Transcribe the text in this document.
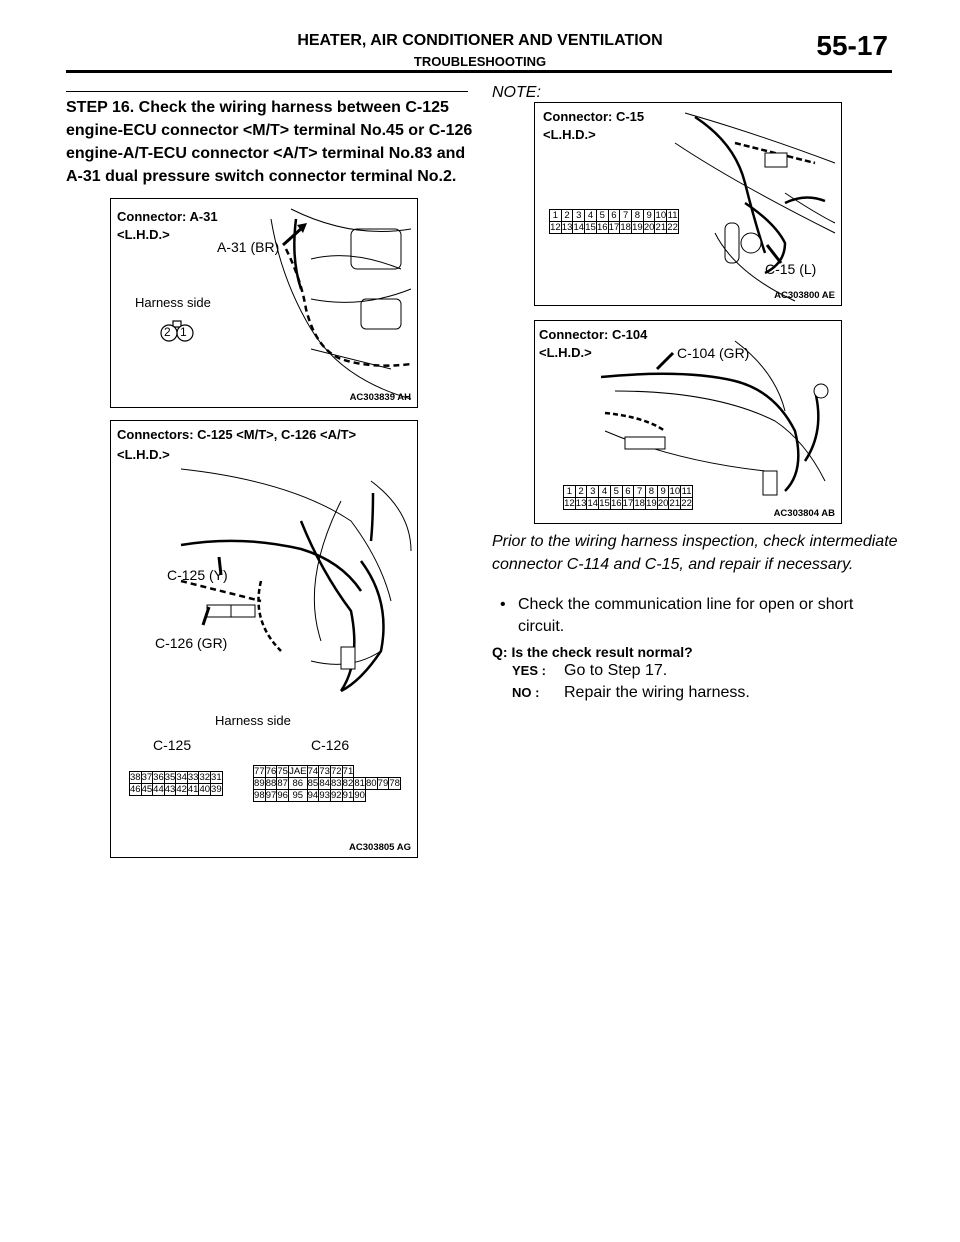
HEATER, AIR CONDITIONER AND VENTILATION
TROUBLESHOOTING
55-17
STEP 16. Check the wiring harness between C-125 engine-ECU connector <M/T> terminal No.45 or C-126 engine-A/T-ECU connector <A/T> terminal No.83 and A-31 dual pressure switch connector terminal No.2.
Connector: A-31
<L.H.D.>
A-31 (BR)
Harness side
2 1
AC303839 AH
Connectors: C-125 <M/T>, C-126 <A/T>
<L.H.D.>
C-125 (Y)
C-126 (GR)
Harness side
C-125	C-126
38	37	36	35	34	33	32	31
46	45	44	43	42	41	40	39
77	76	75	JAE	74	73	72	71				
89	88	87	86	85	84	83	82	81	80	79	78
98	97	96	95	94	93	92	91	90			
AC303805 AG
NOTE:
Connector: C-15
<L.H.D.>
1	2	3	4	5	6	7	8	9	10	11
12	13	14	15	16	17	18	19	20	21	22
C-15 (L)
AC303800 AE
Connector: C-104
<L.H.D.>	C-104 (GR)
1	2	3	4	5	6	7	8	9	10	11
12	13	14	15	16	17	18	19	20	21	22
AC303804 AB
Prior to the wiring harness inspection, check intermediate connector C-114 and C-15, and repair if necessary.
• Check the communication line for open or short circuit.
Q: Is the check result normal?
YES : Go to Step 17.
NO : Repair the wiring harness.
